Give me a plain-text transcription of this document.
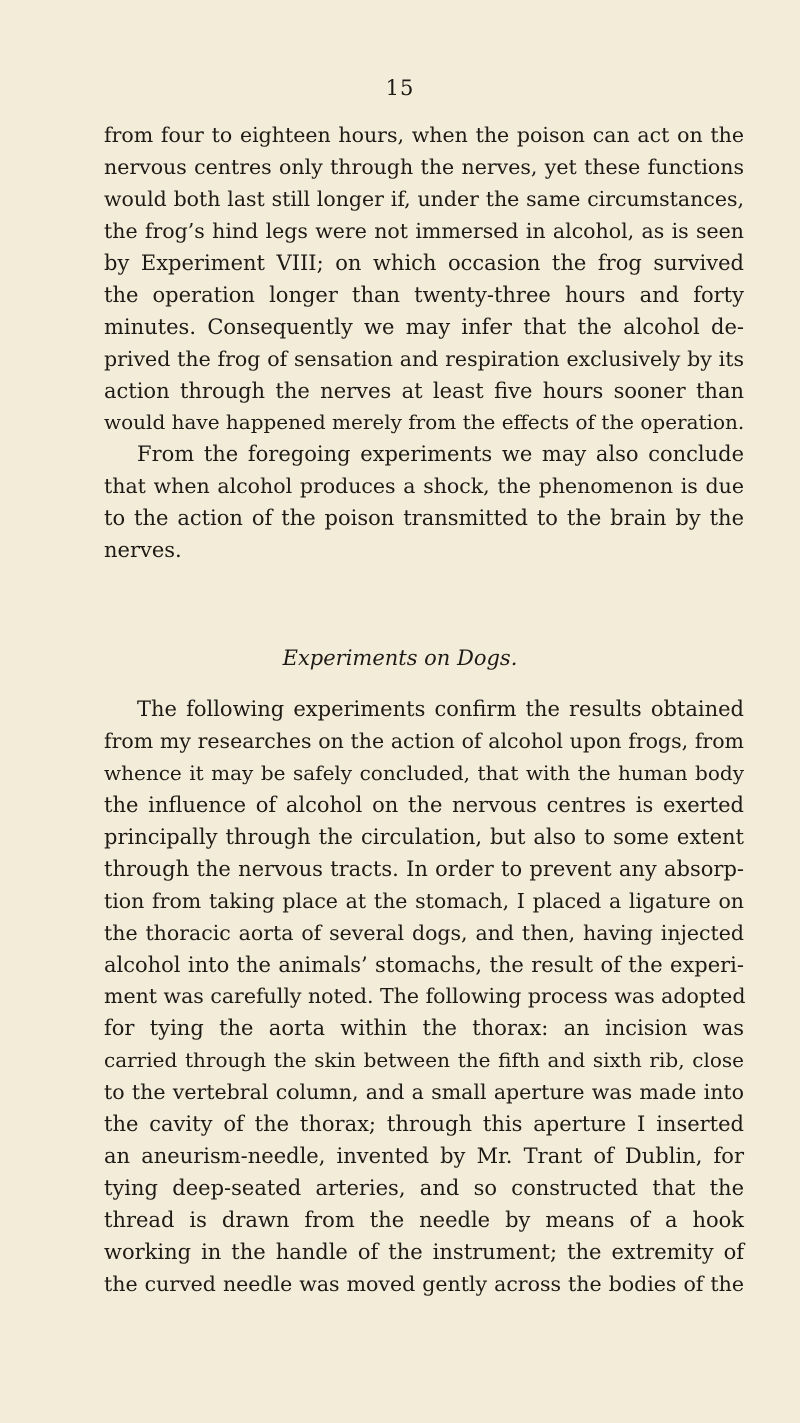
15
from four to eighteen hours, when the poison can act on the
nervous centres only through the nerves, yet these functions
would both last still longer if, under the same circumstances,
the frog’s hind legs were not immersed in alcohol, as is seen
by Experiment VIII; on which occasion the frog survived
the operation longer than twenty-three hours and forty
minutes. Consequently we may infer that the alcohol de-
prived the frog of sensation and respiration exclusively by its
action through the nerves at least five hours sooner than
would have happened merely from the effects of the operation.
From the foregoing experiments we may also conclude
that when alcohol produces a shock, the phenomenon is due
to the action of the poison transmitted to the brain by the
nerves.
Experiments on Dogs.
The following experiments confirm the results obtained
from my researches on the action of alcohol upon frogs, from
whence it may be safely concluded, that with the human body
the influence of alcohol on the nervous centres is exerted
principally through the circulation, but also to some extent
through the nervous tracts. In order to prevent any absorp-
tion from taking place at the stomach, I placed a ligature on
the thoracic aorta of several dogs, and then, having injected
alcohol into the animals’ stomachs, the result of the experi-
ment was carefully noted. The following process was adopted
for tying the aorta within the thorax: an incision was
carried through the skin between the fifth and sixth rib, close
to the vertebral column, and a small aperture was made into
the cavity of the thorax; through this aperture I inserted
an aneurism-needle, invented by Mr. Trant of Dublin, for
tying deep-seated arteries, and so constructed that the
thread is drawn from the needle by means of a hook
working in the handle of the instrument; the extremity of
the curved needle was moved gently across the bodies of the
